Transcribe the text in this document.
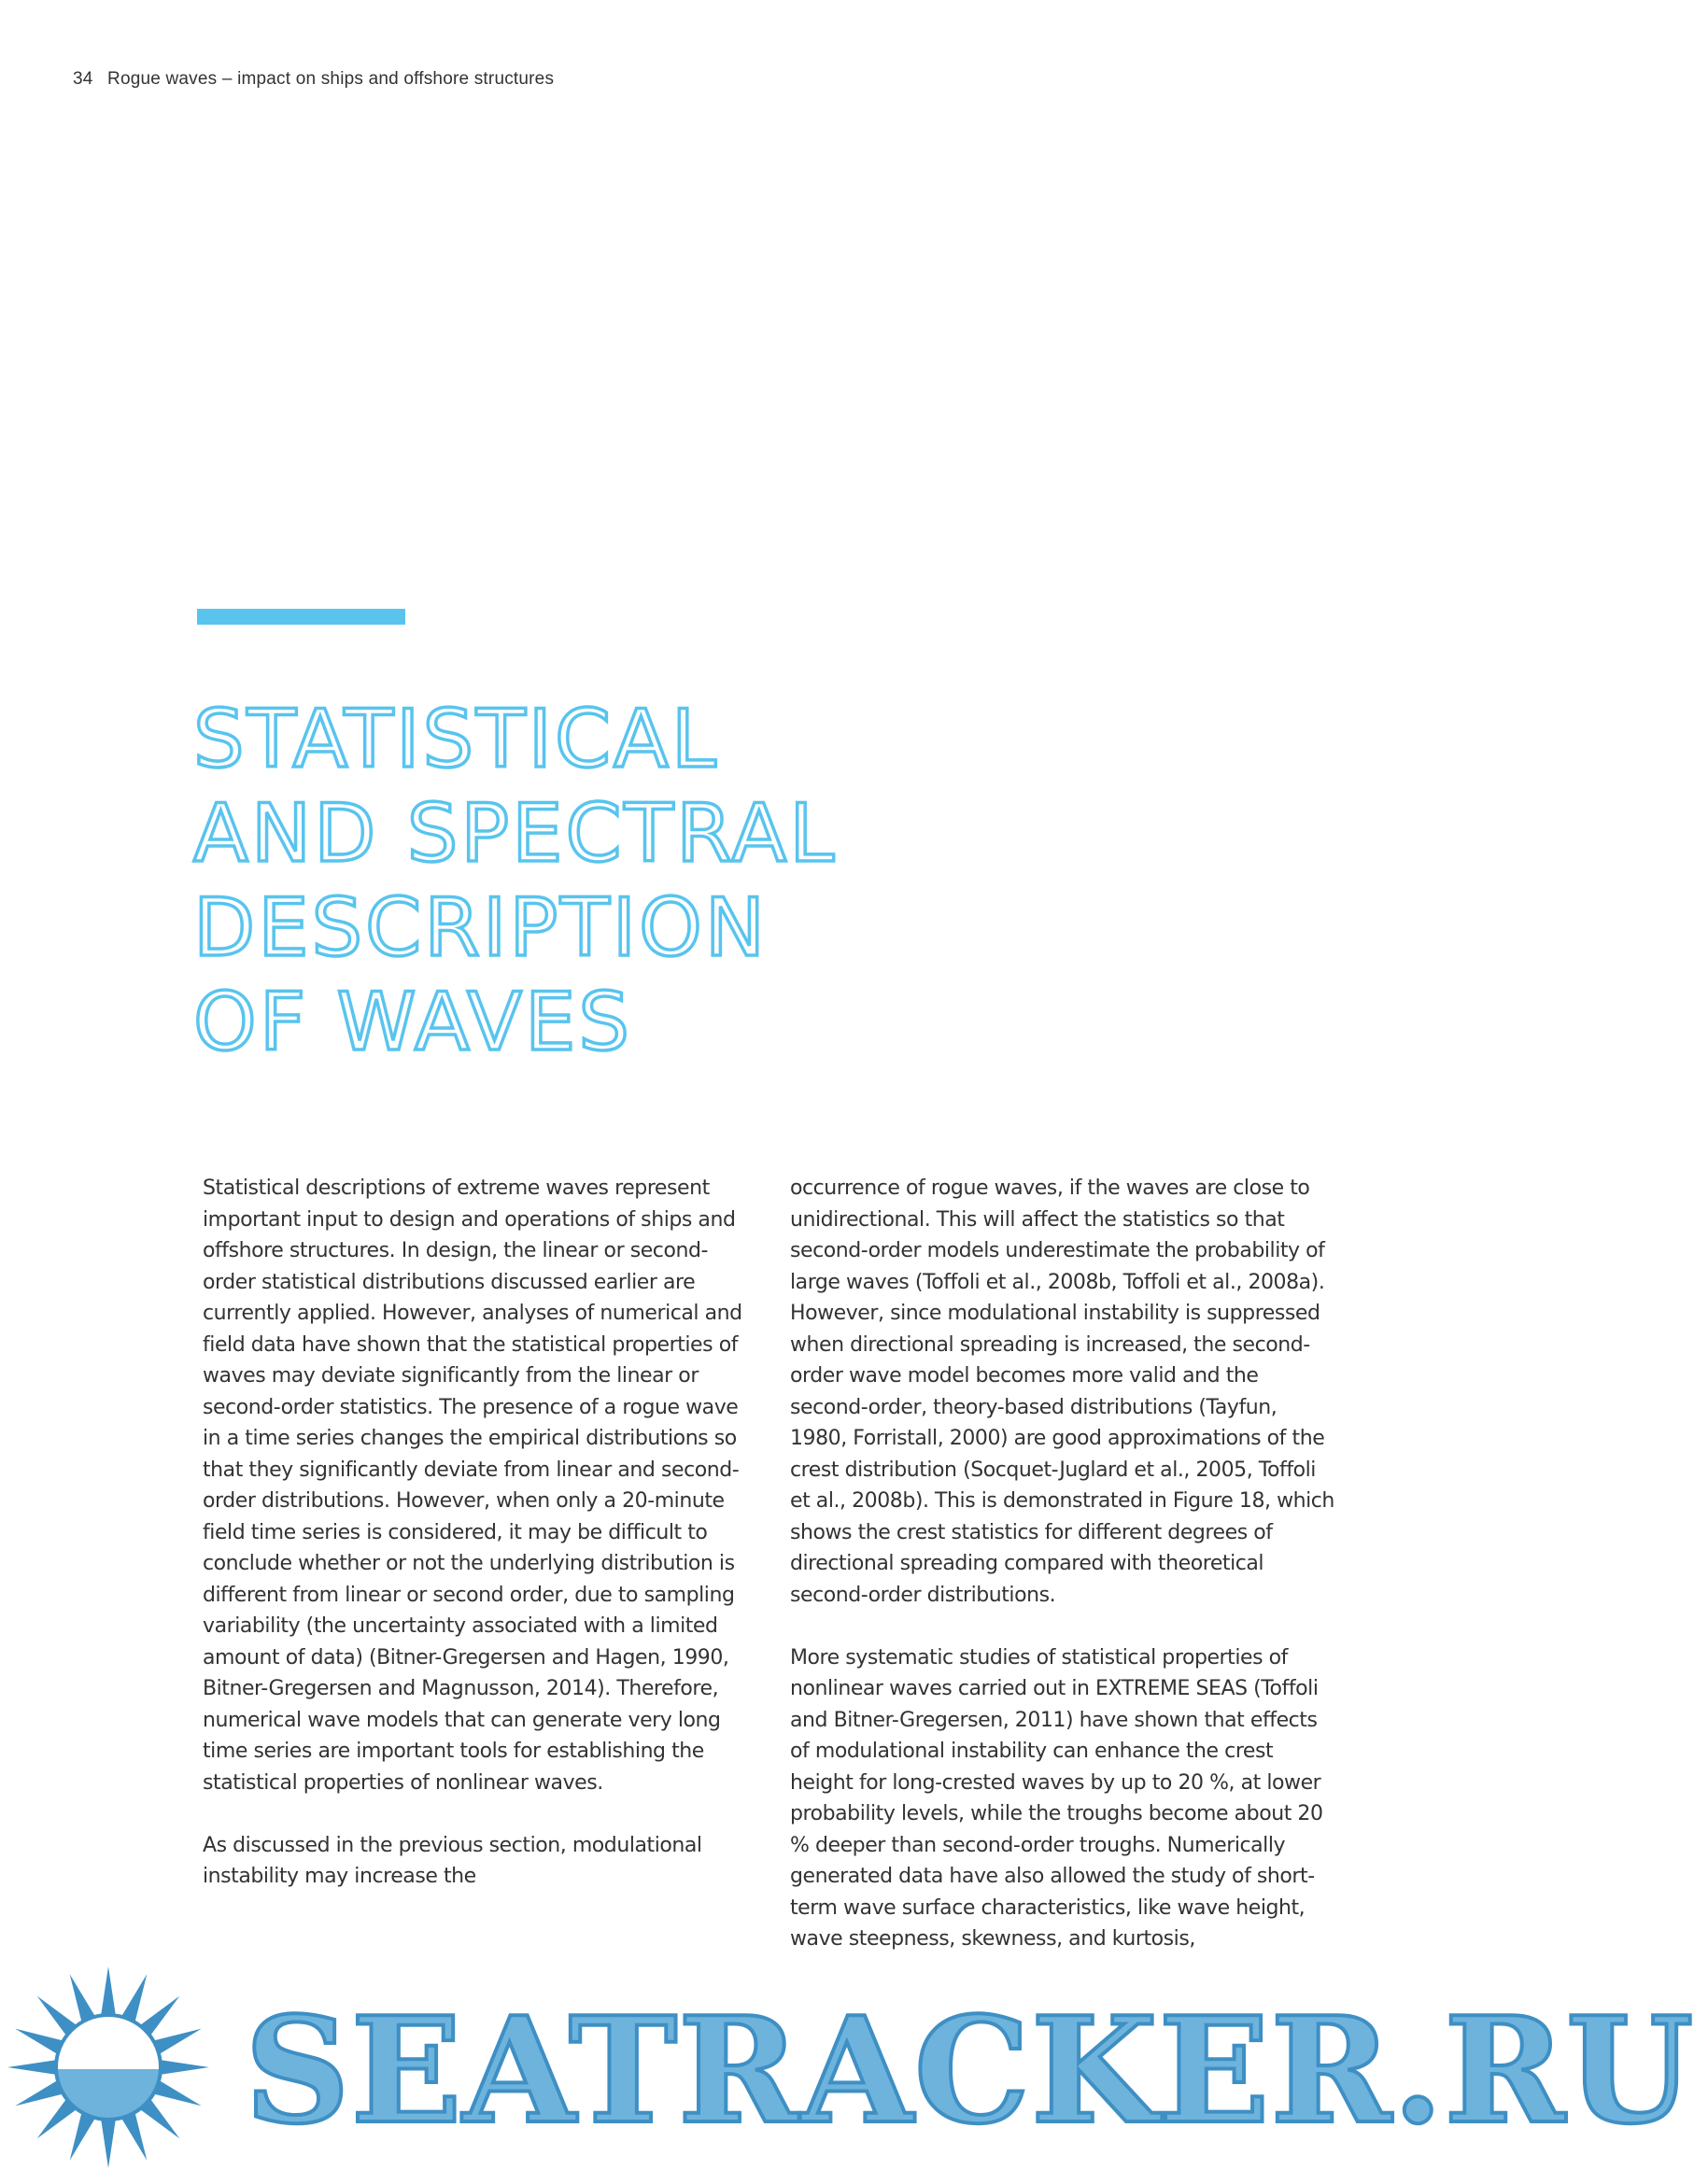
34 Rogue waves – impact on ships and offshore structures
STATISTICAL
AND SPECTRAL
DESCRIPTION
OF WAVES

Statistical descriptions of extreme waves represent important input to design and operations of ships and offshore structures. In design, the linear or second-order statistical distributions discussed earlier are currently applied. However, analyses of numerical and field data have shown that the statistical properties of waves may deviate significantly from the linear or second-order statistics. The presence of a rogue wave in a time series changes the empirical distributions so that they significantly deviate from linear and second-order distributions. However, when only a 20-minute field time series is considered, it may be difficult to conclude whether or not the underlying distribution is different from linear or second order, due to sampling variability (the uncertainty associated with a limited amount of data) (Bitner-Gregersen and Hagen, 1990, Bitner-Gregersen and Magnusson, 2014). Therefore, numerical wave models that can generate very long time series are important tools for establishing the statistical properties of nonlinear waves.

As discussed in the previous section, modulational instability may increase the

occurrence of rogue waves, if the waves are close to unidirectional. This will affect the statistics so that second-order models underestimate the probability of large waves (Toffoli et al., 2008b, Toffoli et al., 2008a). However, since modulational instability is suppressed when directional spreading is increased, the second-order wave model becomes more valid and the second-order, theory-based distributions (Tayfun, 1980, Forristall, 2000) are good approximations of the crest distribution (Socquet-Juglard et al., 2005, Toffoli et al., 2008b). This is demonstrated in Figure 18, which shows the crest statistics for different degrees of directional spreading compared with theoretical second-order distributions.

More systematic studies of statistical properties of nonlinear waves carried out in EXTREME SEAS (Toffoli and Bitner-Gregersen, 2011) have shown that effects of modulational instability can enhance the crest height for long-crested waves by up to 20 %, at lower probability levels, while the troughs become about 20 % deeper than second-order troughs. Numerically generated data have also allowed the study of short-term wave surface characteristics, like wave height, wave steepness, skewness, and kurtosis,

SEATRACKER.RU
